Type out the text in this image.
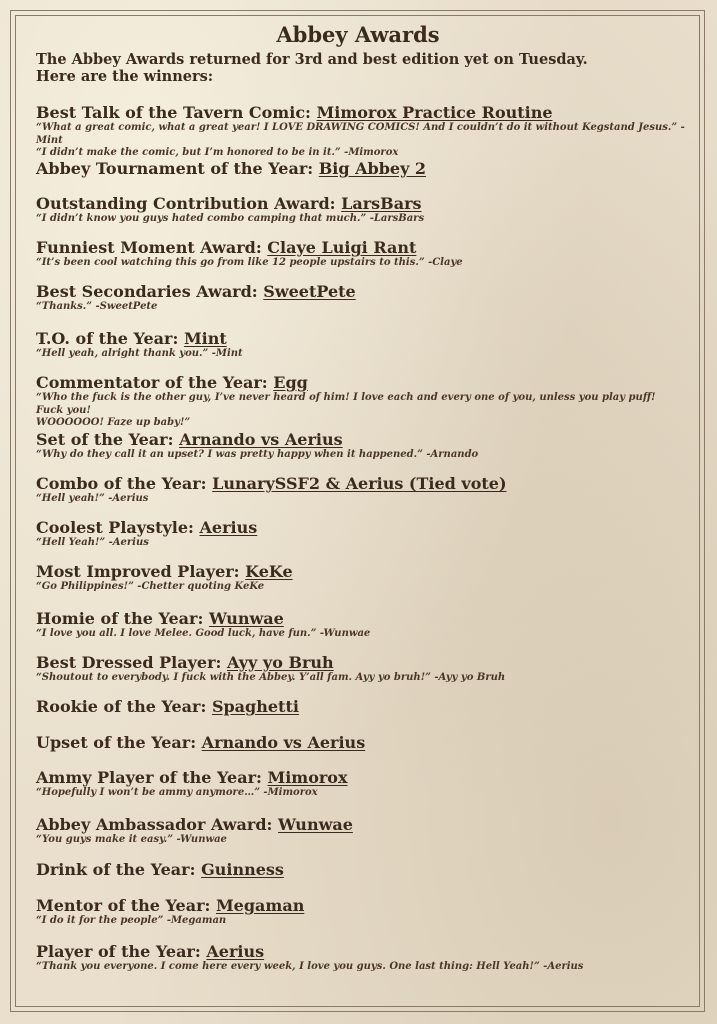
Abbey Awards
The Abbey Awards returned for 3rd and best edition yet on Tuesday.
Here are the winners:
Best Talk of the Tavern Comic: Mimorox Practice Routine
“What a great comic, what a great year! I LOVE DRAWING COMICS! And I couldn’t do it without Kegstand Jesus.” -Mint
“I didn’t make the comic, but I’m honored to be in it.” -Mimorox
Abbey Tournament of the Year: Big Abbey 2
Outstanding Contribution Award: LarsBars
“I didn’t know you guys hated combo camping that much.” -LarsBars
Funniest Moment Award: Claye Luigi Rant
“It’s been cool watching this go from like 12 people upstairs to this.” -Claye
Best Secondaries Award: SweetPete
“Thanks.” -SweetPete
T.O. of the Year: Mint
“Hell yeah, alright thank you.” -Mint
Commentator of the Year: Egg
“Who the fuck is the other guy, I’ve never heard of him! I love each and every one of you, unless you play puff! Fuck you!
WOOOOOO! Faze up baby!”
Set of the Year: Arnando vs Aerius
“Why do they call it an upset? I was pretty happy when it happened.” -Arnando
Combo of the Year: LunarySSF2 & Aerius (Tied vote)
“Hell yeah!” -Aerius
Coolest Playstyle: Aerius
“Hell Yeah!” -Aerius
Most Improved Player: KeKe
“Go Philippines!” -Chetter quoting KeKe
Homie of the Year: Wunwae
“I love you all. I love Melee. Good luck, have fun.” -Wunwae
Best Dressed Player: Ayy yo Bruh
“Shoutout to everybody. I fuck with the Abbey. Y’all fam. Ayy yo bruh!” -Ayy yo Bruh
Rookie of the Year: Spaghetti
Upset of the Year: Arnando vs Aerius
Ammy Player of the Year: Mimorox
“Hopefully I won’t be ammy anymore…” -Mimorox
Abbey Ambassador Award: Wunwae
“You guys make it easy.” -Wunwae
Drink of the Year: Guinness
Mentor of the Year: Megaman
“I do it for the people” -Megaman
Player of the Year: Aerius
“Thank you everyone. I come here every week, I love you guys. One last thing: Hell Yeah!” -Aerius
